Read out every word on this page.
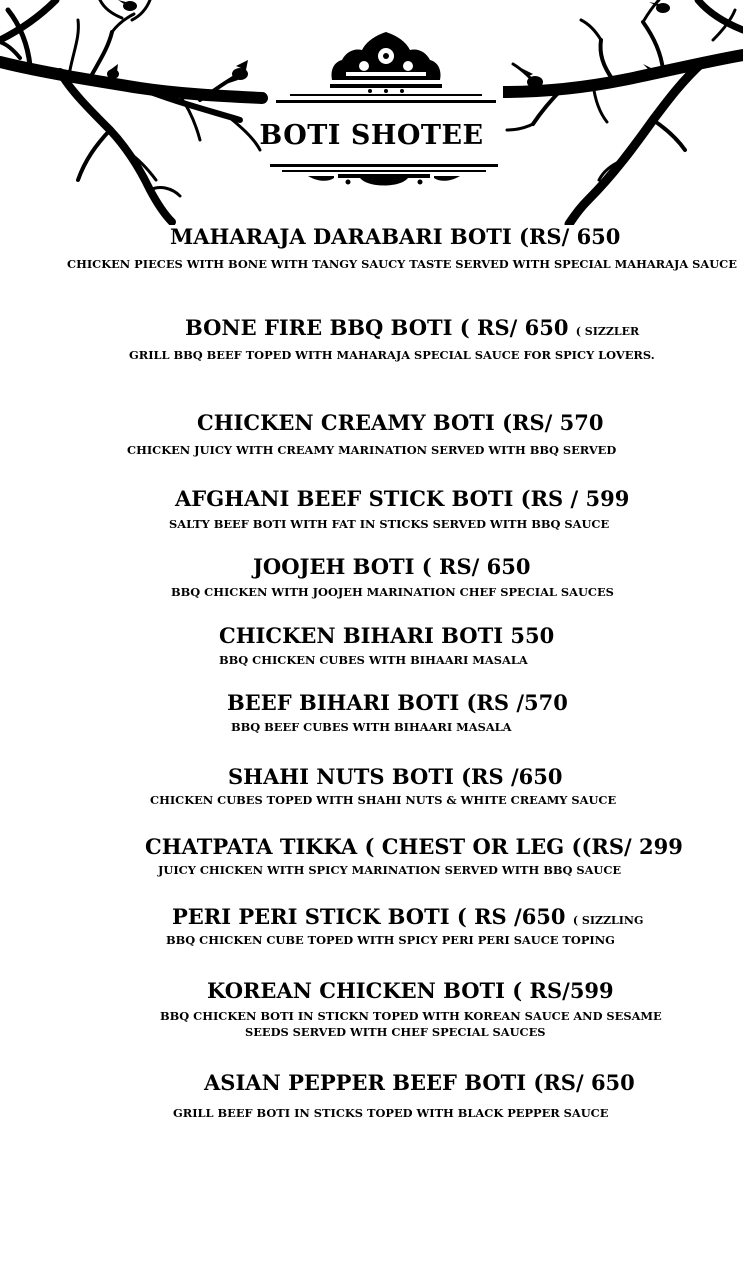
BOTI SHOTEE
MAHARAJA DARABARI BOTI (RS/ 650
CHICKEN PIECES WITH BONE WITH TANGY SAUCY TASTE SERVED WITH SPECIAL MAHARAJA SAUCE
BONE FIRE BBQ BOTI ( RS/ 650 ( SIZZLER
GRILL BBQ BEEF TOPED WITH MAHARAJA SPECIAL SAUCE FOR SPICY LOVERS.
CHICKEN CREAMY BOTI (RS/ 570
CHICKEN JUICY WITH CREAMY MARINATION SERVED WITH BBQ SERVED
AFGHANI BEEF STICK BOTI (RS / 599
SALTY BEEF BOTI WITH FAT IN STICKS SERVED WITH BBQ SAUCE
JOOJEH BOTI ( RS/ 650
BBQ CHICKEN WITH JOOJEH MARINATION CHEF SPECIAL SAUCES
CHICKEN BIHARI BOTI 550
BBQ CHICKEN CUBES WITH BIHAARI MASALA
BEEF BIHARI BOTI (RS /570
BBQ BEEF CUBES WITH BIHAARI MASALA
SHAHI NUTS BOTI (RS /650
CHICKEN CUBES TOPED WITH SHAHI NUTS & WHITE CREAMY SAUCE
CHATPATA TIKKA ( CHEST OR LEG ((RS/ 299
JUICY CHICKEN WITH SPICY MARINATION SERVED WITH BBQ SAUCE
PERI PERI STICK BOTI ( RS /650 ( SIZZLING
BBQ CHICKEN CUBE TOPED WITH SPICY PERI PERI SAUCE TOPING
KOREAN CHICKEN BOTI ( RS/599
BBQ CHICKEN BOTI IN STICKN TOPED WITH KOREAN SAUCE AND SESAME
SEEDS SERVED WITH CHEF SPECIAL SAUCES
ASIAN PEPPER BEEF BOTI (RS/ 650
GRILL BEEF BOTI IN STICKS TOPED WITH BLACK PEPPER SAUCE
